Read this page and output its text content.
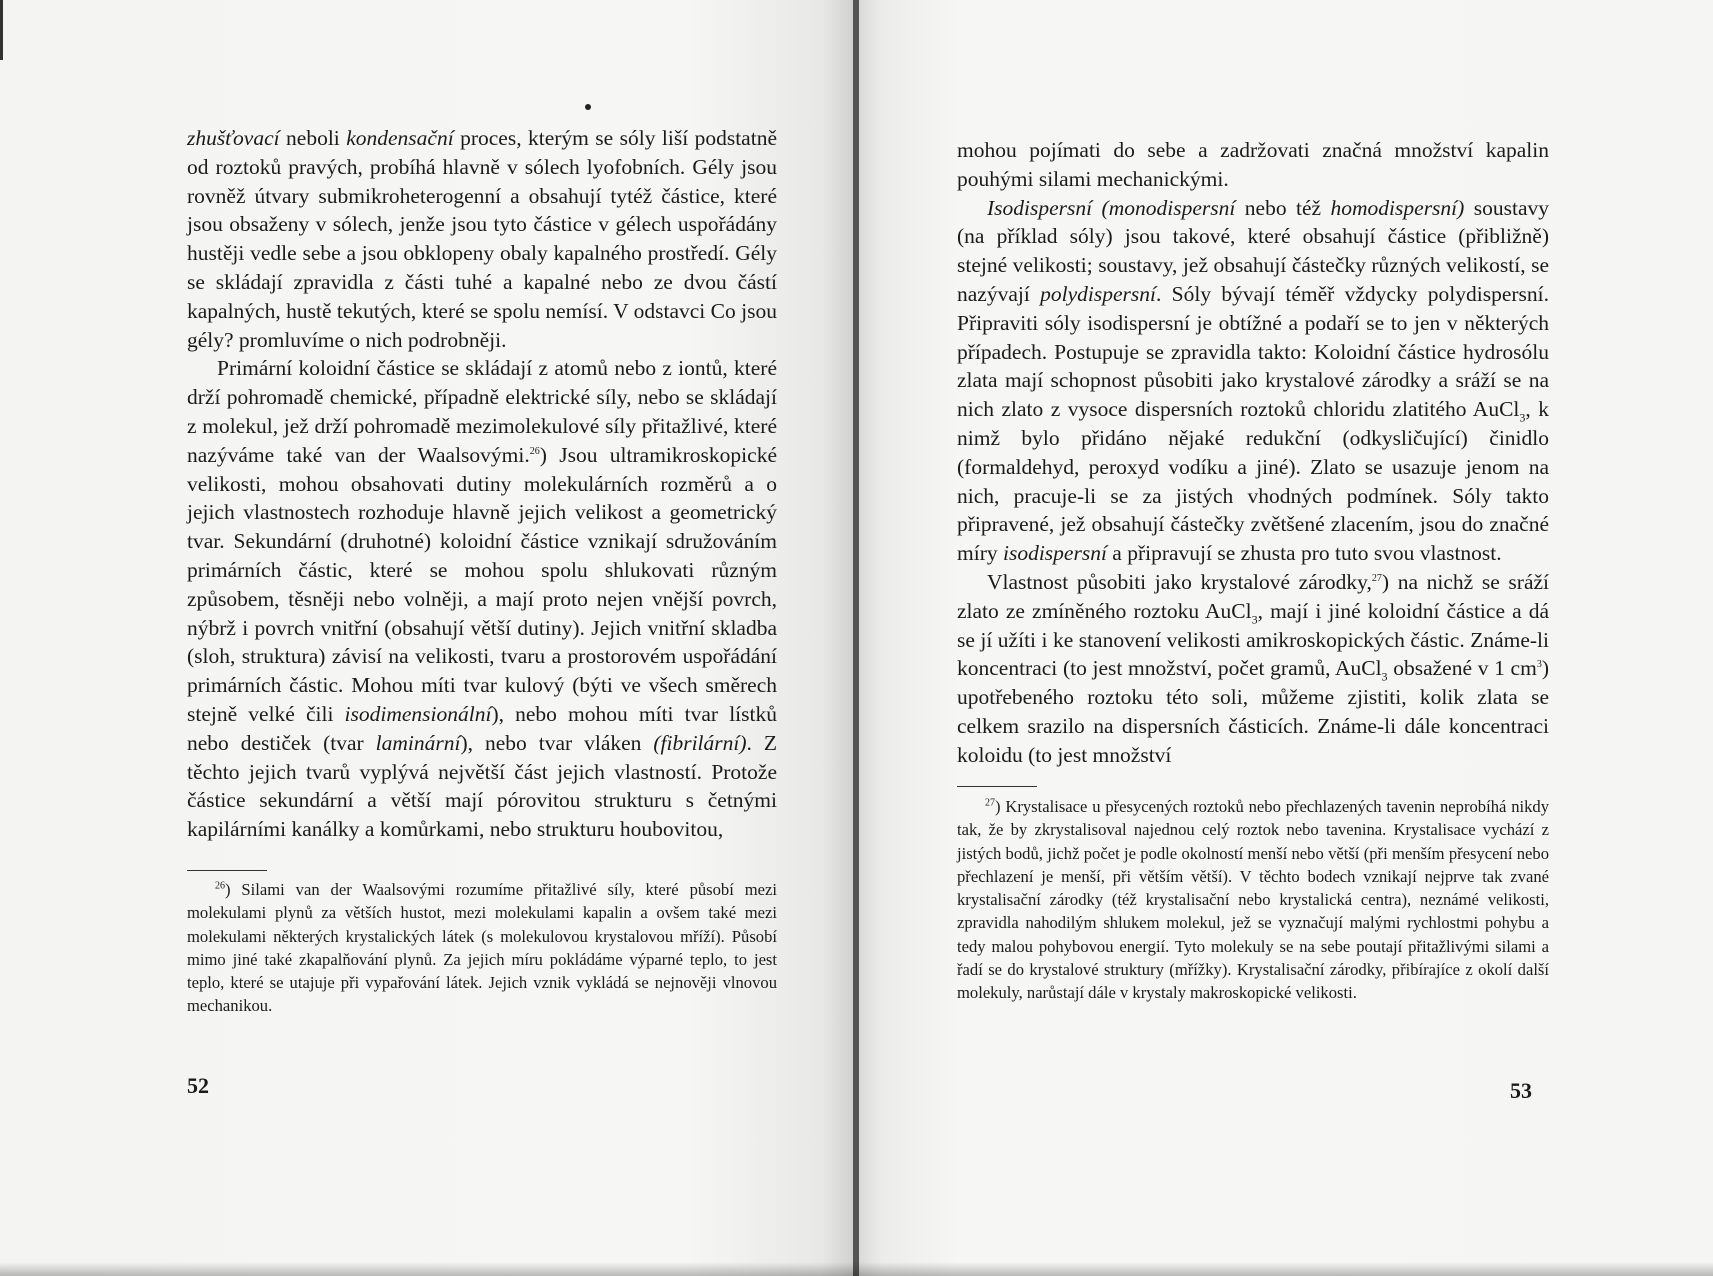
zhušťovací neboli kondensační proces, kterým se sóly liší podstatně od roztoků pravých, probíhá hlavně v sólech lyofobních. Gély jsou rovněž útvary submikroheterogenní a obsahují tytéž částice, které jsou obsaženy v sólech, jenže jsou tyto částice v gélech uspořádány hustěji vedle sebe a jsou obklopeny obaly kapalného prostředí. Gély se skládají zpravidla z části tuhé a kapalné nebo ze dvou částí kapalných, hustě tekutých, které se spolu nemísí. V odstavci Co jsou gély? promluvíme o nich podrobněji.

Primární koloidní částice se skládají z atomů nebo z iontů, které drží pohromadě chemické, případně elektrické síly, nebo se skládají z molekul, jež drží pohromadě mezimolekulové síly přitažlivé, které nazýváme také van der Waalsovými.$^{26}$) Jsou ultramikroskopické velikosti, mohou obsahovati dutiny molekulárních rozměrů a o jejich vlastnostech rozhoduje hlavně jejich velikost a geometrický tvar. Sekundární (druhotné) koloidní částice vznikají sdružováním primárních částic, které se mohou spolu shlukovati různým způsobem, těsněji nebo volněji, a mají proto nejen vnější povrch, nýbrž i povrch vnitřní (obsahují větší dutiny). Jejich vnitřní skladba (sloh, struktura) závisí na velikosti, tvaru a prostorovém uspořádání primárních částic. Mohou míti tvar kulový (býti ve všech směrech stejně velké čili isodimensionální), nebo mohou míti tvar lístků nebo destiček (tvar laminární), nebo tvar vláken (fibrilární). Z těchto jejich tvarů vyplývá největší část jejich vlastností. Protože částice sekundární a větší mají pórovitou strukturu s četnými kapilárními kanálky a komůrkami, nebo strukturu houbovitou,

$^{26}$) Silami van der Waalsovými rozumíme přitažlivé síly, které působí mezi molekulami plynů za větších hustot, mezi molekulami kapalin a ovšem také mezi molekulami některých krystalických látek (s molekulovou krystalovou mříží). Působí mimo jiné také zkapalňování plynů. Za jejich míru pokládáme výparné teplo, to jest teplo, které se utajuje při vypařování látek. Jejich vznik vykládá se nejnověji vlnovou mechanikou.

52

mohou pojímati do sebe a zadržovati značná množství kapalin pouhými silami mechanickými.

Isodispersní (monodispersní nebo též homodispersní) soustavy (na příklad sóly) jsou takové, které obsahují částice (přibližně) stejné velikosti; soustavy, jež obsahují částečky různých velikostí, se nazývají polydispersní. Sóly bývají téměř vždycky polydispersní. Připraviti sóly isodispersní je obtížné a podaří se to jen v některých případech. Postupuje se zpravidla takto: Koloidní částice hydrosólu zlata mají schopnost působiti jako krystalové zárodky a sráží se na nich zlato z vysoce dispersních roztoků chloridu zlatitého AuCl$_3$, k nimž bylo přidáno nějaké redukční (odkysličující) činidlo (formaldehyd, peroxyd vodíku a jiné). Zlato se usazuje jenom na nich, pracuje-li se za jistých vhodných podmínek. Sóly takto připravené, jež obsahují částečky zvětšené zlacením, jsou do značné míry isodispersní a připravují se zhusta pro tuto svou vlastnost.

Vlastnost působiti jako krystalové zárodky,$^{27}$) na nichž se sráží zlato ze zmíněného roztoku AuCl$_3$, mají i jiné koloidní částice a dá se jí užíti i ke stanovení velikosti amikroskopických částic. Známe-li koncentraci (to jest množství, počet gramů, AuCl$_3$ obsažené v 1 $cm^3$) upotřebeného roztoku této soli, můžeme zjistiti, kolik zlata se celkem srazilo na dispersních částicích. Známe-li dále koncentraci koloidu (to jest množství

$^{27}$) Krystalisace u přesycených roztoků nebo přechlazených tavenin neprobíhá nikdy tak, že by zkrystalisoval najednou celý roztok nebo tavenina. Krystalisace vychází z jistých bodů, jichž počet je podle okolností menší nebo větší (při menším přesycení nebo přechlazení je menší, při větším větší). V těchto bodech vznikají nejprve tak zvané krystalisační zárodky (též krystalisační nebo krystalická centra), neznámé velikosti, zpravidla nahodilým shlukem molekul, jež se vyznačují malými rychlostmi pohybu a tedy malou pohybovou energií. Tyto molekuly se na sebe poutají přitažlivými silami a řadí se do krystalové struktury (mřížky). Krystalisační zárodky, přibírajíce z okolí další molekuly, narůstají dále v krystaly makroskopické velikosti.

53
